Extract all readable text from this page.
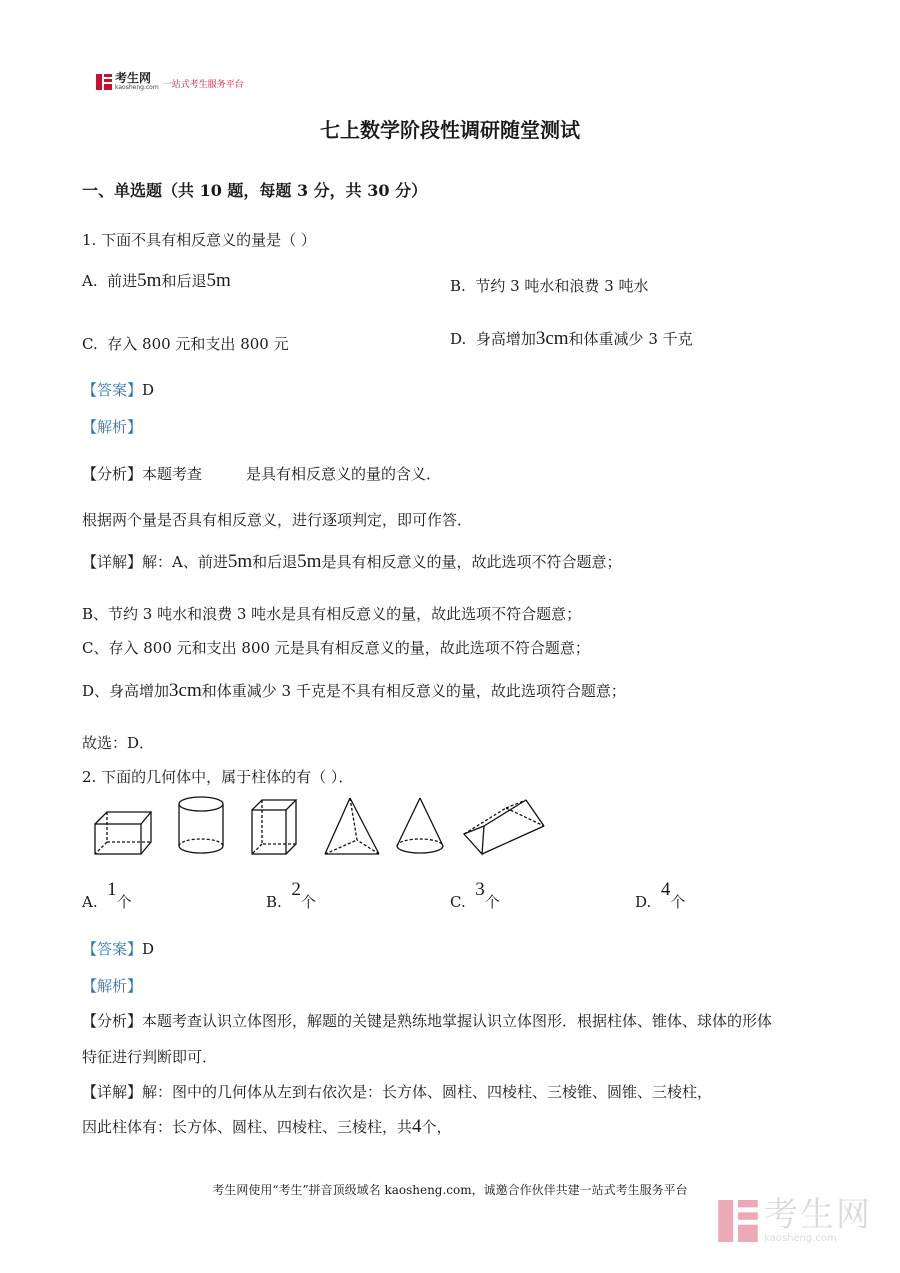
考生网
kaosheng.com 一站式考生服务平台
七上数学阶段性调研随堂测试
一、单选题（共 10 题，每题 3 分，共 30 分）
1. 下面不具有相反意义的量是（ ）
A. 前进5m和后退5m	B. 节约 3 吨水和浪费 3 吨水
C. 存入 800 元和支出 800 元	D. 身高增加3cm和体重减少 3 千克
【答案】D
【解析】
【分析】本题考查	是具有相反意义的量的含义．
根据两个量是否具有相反意义，进行逐项判定，即可作答．
【详解】解：A、前进5m和后退5m是具有相反意义的量，故此选项不符合题意；
B、节约 3 吨水和浪费 3 吨水是具有相反意义的量，故此选项不符合题意；
C、存入 800 元和支出 800 元是具有相反意义的量，故此选项不符合题意；
D、身高增加3cm和体重减少 3 千克是不具有相反意义的量，故此选项符合题意；
故选：D．
2. 下面的几何体中，属于柱体的有（ ）．
A.  1个	B.  2个	C.  3个	D.  4个
【答案】D
【解析】
【分析】本题考查认识立体图形，解题的关键是熟练地掌握认识立体图形．根据柱体、锥体、球体的形体
特征进行判断即可．
【详解】解：图中的几何体从左到右依次是：长方体、圆柱、四棱柱、三棱锥、圆锥、三棱柱，
因此柱体有：长方体、圆柱、四棱柱、三棱柱，共4个，
考生网使用“考生”拼音顶级域名 kaosheng.com，诚邀合作伙伴共建一站式考生服务平台
考生网
kaosheng.com
